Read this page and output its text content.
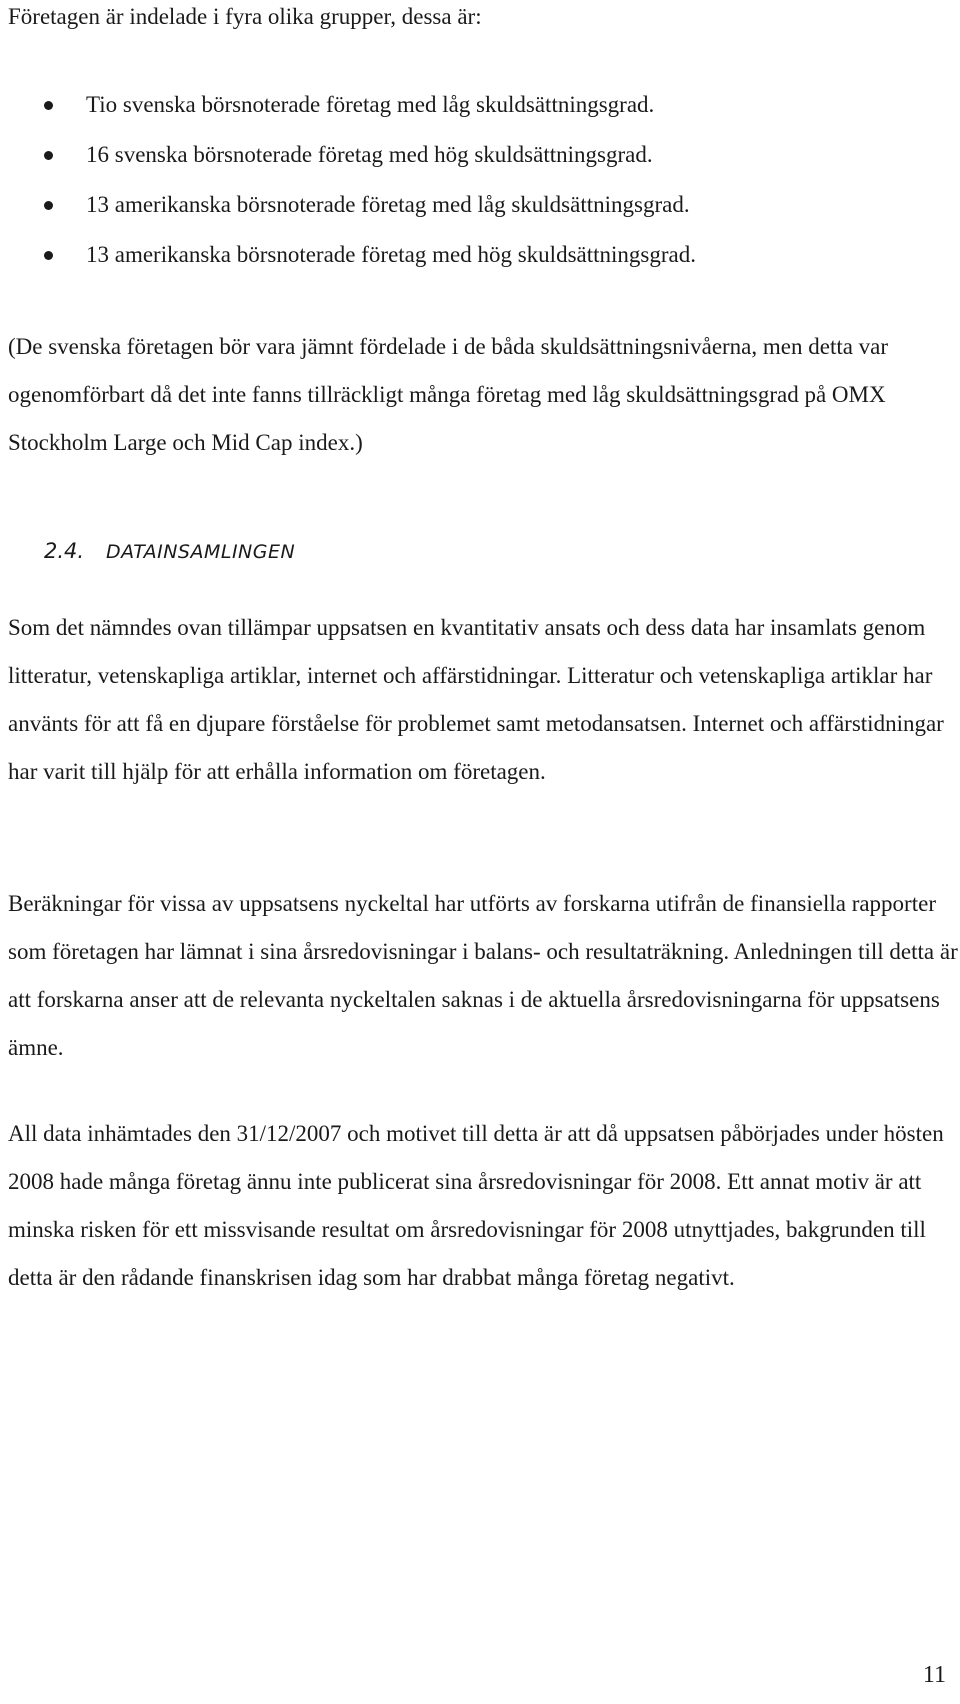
Företagen är indelade i fyra olika grupper, dessa är:

Tio svenska börsnoterade företag med låg skuldsättningsgrad.
16 svenska börsnoterade företag med hög skuldsättningsgrad.
13 amerikanska börsnoterade företag med låg skuldsättningsgrad.
13 amerikanska börsnoterade företag med hög skuldsättningsgrad.

(De svenska företagen bör vara jämnt fördelade i de båda skuldsättningsnivåerna, men detta var ogenomförbart då det inte fanns tillräckligt många företag med låg skuldsättningsgrad på OMX Stockholm Large och Mid Cap index.)

2.4. DATAINSAMLINGEN

Som det nämndes ovan tillämpar uppsatsen en kvantitativ ansats och dess data har insamlats genom litteratur, vetenskapliga artiklar, internet och affärstidningar. Litteratur och vetenskapliga artiklar har använts för att få en djupare förståelse för problemet samt metodansatsen. Internet och affärstidningar har varit till hjälp för att erhålla information om företagen.

Beräkningar för vissa av uppsatsens nyckeltal har utförts av forskarna utifrån de finansiella rapporter som företagen har lämnat i sina årsredovisningar i balans- och resultaträkning. Anledningen till detta är att forskarna anser att de relevanta nyckeltalen saknas i de aktuella årsredovisningarna för uppsatsens ämne.

All data inhämtades den 31/12/2007 och motivet till detta är att då uppsatsen påbörjades under hösten 2008 hade många företag ännu inte publicerat sina årsredovisningar för 2008. Ett annat motiv är att minska risken för ett missvisande resultat om årsredovisningar för 2008 utnyttjades, bakgrunden till detta är den rådande finanskrisen idag som har drabbat många företag negativt.

11
